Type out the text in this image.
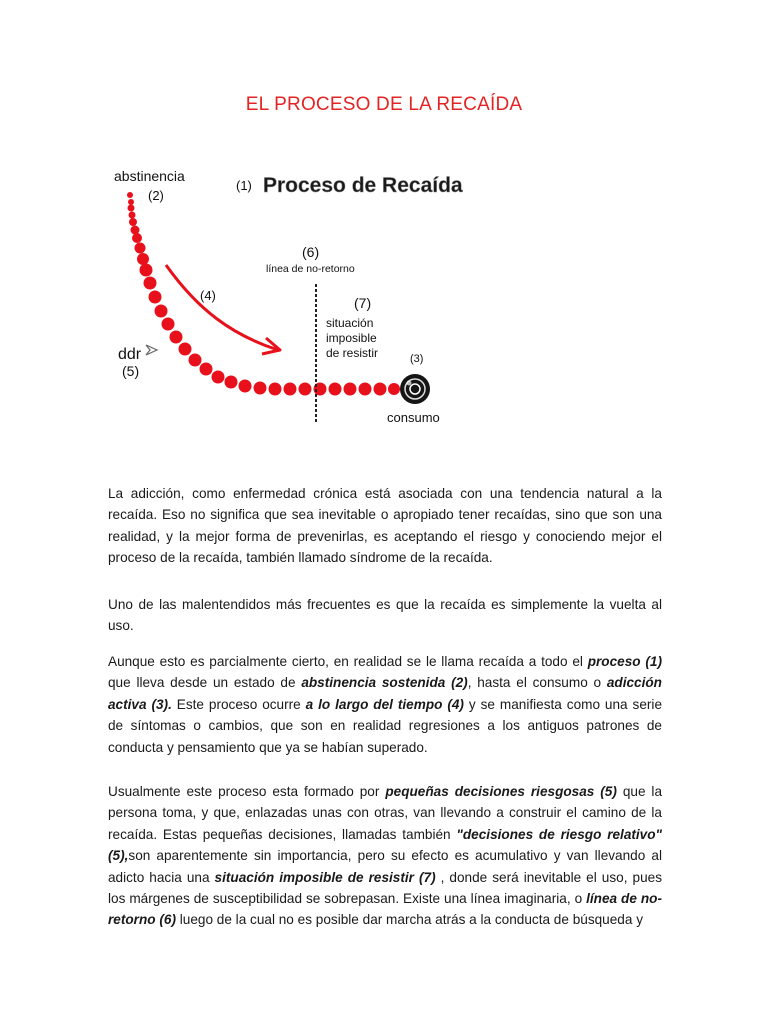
EL PROCESO DE LA RECAÍDA
abstinencia
(2)
(1) Proceso de Recaída
(6)
línea de no-retorno
(4)	(7)
situación
imposible
de resistir
ddr
(5)
(3)
consumo

La adicción, como enfermedad crónica está asociada con una tendencia natural a la recaída. Eso no significa que sea inevitable o apropiado tener recaídas, sino que son una realidad, y la mejor forma de prevenirlas, es aceptando el riesgo y conociendo mejor el proceso de la recaída, también llamado síndrome de la recaída.

Uno de las malentendidos más frecuentes es que la recaída es simplemente la vuelta al uso.

Aunque esto es parcialmente cierto, en realidad se le llama recaída a todo el proceso (1) que lleva desde un estado de abstinencia sostenida (2), hasta el consumo o adicción activa (3). Este proceso ocurre a lo largo del tiempo (4) y se manifiesta como una serie de síntomas o cambios, que son en realidad regresiones a los antiguos patrones de conducta y pensamiento que ya se habían superado.

Usualmente este proceso esta formado por pequeñas decisiones riesgosas (5) que la persona toma, y que, enlazadas unas con otras, van llevando a construir el camino de la recaída. Estas pequeñas decisiones, llamadas también "decisiones de riesgo relativo"(5),son aparentemente sin importancia, pero su efecto es acumulativo y van llevando al adicto hacia una situación imposible de resistir (7) , donde será inevitable el uso, pues los márgenes de susceptibilidad se sobrepasan. Existe una línea imaginaria, o línea de no-retorno (6) luego de la cual no es posible dar marcha atrás a la conducta de búsqueda y
